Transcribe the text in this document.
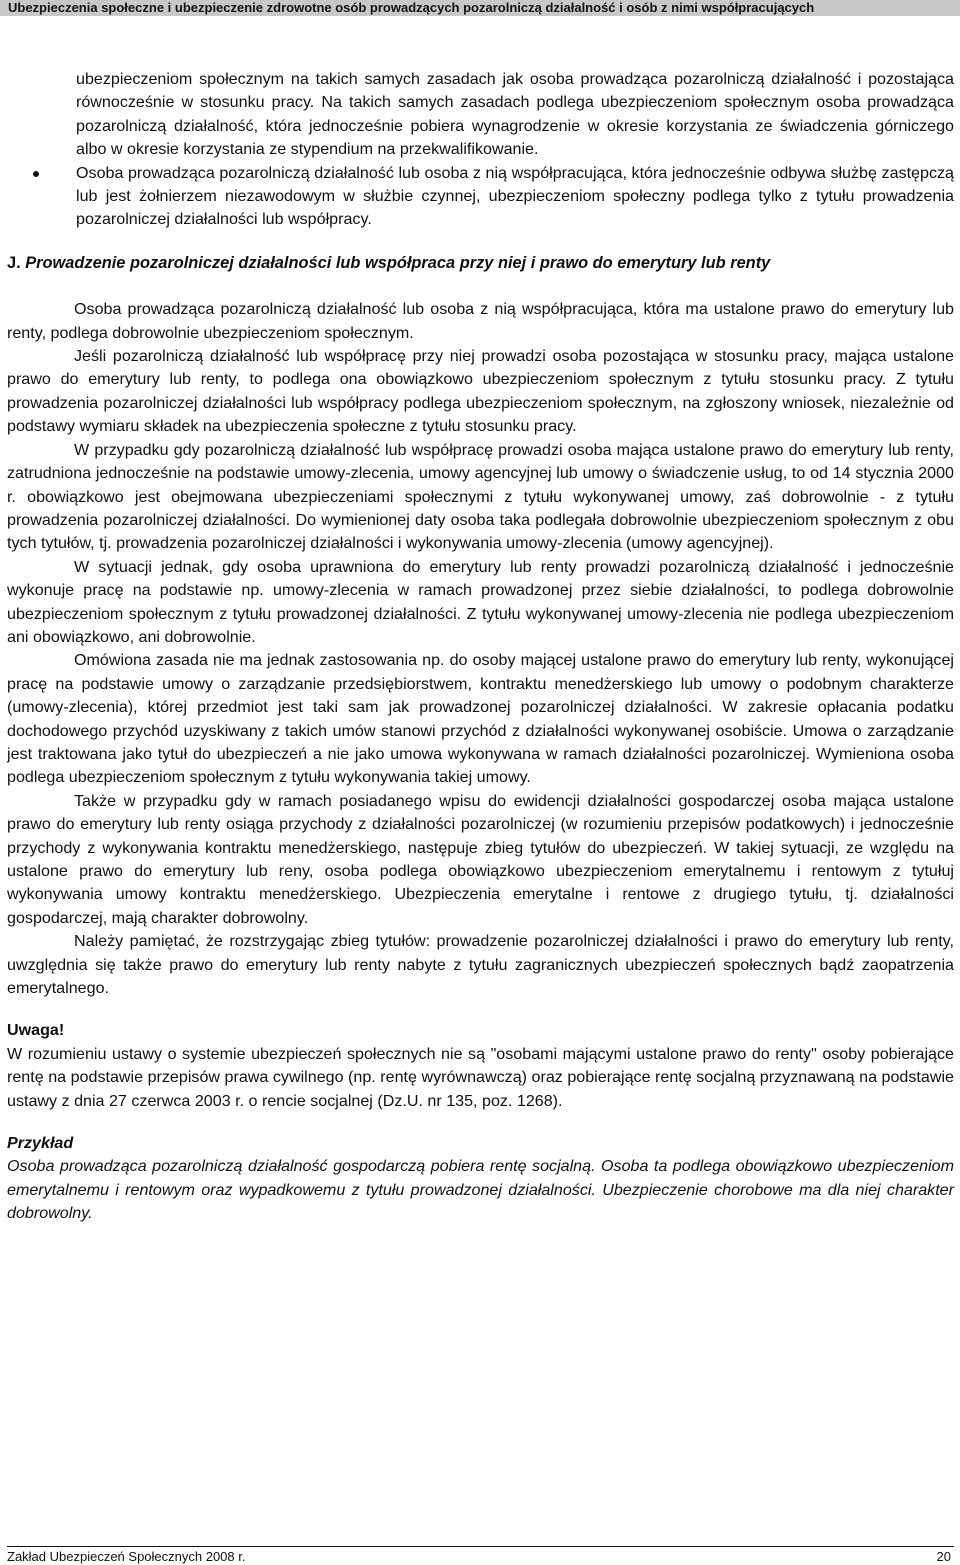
Ubezpieczenia społeczne i ubezpieczenie zdrowotne osób prowadzących pozarolniczą działalność i osób z nimi współpracujących

ubezpieczeniom społecznym na takich samych zasadach jak osoba prowadząca pozarolniczą działalność i pozostająca równocześnie w stosunku pracy. Na takich samych zasadach podlega ubezpieczeniom społecznym osoba prowadząca pozarolniczą działalność, która jednocześnie pobiera wynagrodzenie w okresie korzystania ze świadczenia górniczego albo w okresie korzystania ze stypendium na przekwalifikowanie.

Osoba prowadząca pozarolniczą działalność lub osoba z nią współpracująca, która jednocześnie odbywa służbę zastępczą lub jest żołnierzem niezawodowym w służbie czynnej, ubezpieczeniom społeczny podlega tylko z tytułu prowadzenia pozarolniczej działalności lub współpracy.

J. Prowadzenie pozarolniczej działalności lub współpraca przy niej i prawo do emerytury lub renty

Osoba prowadząca pozarolniczą działalność lub osoba z nią współpracująca, która ma ustalone prawo do emerytury lub renty, podlega dobrowolnie ubezpieczeniom społecznym.

Jeśli pozarolniczą działalność lub współpracę przy niej prowadzi osoba pozostająca w stosunku pracy, mająca ustalone prawo do emerytury lub renty, to podlega ona obowiązkowo ubezpieczeniom społecznym z tytułu stosunku pracy. Z tytułu prowadzenia pozarolniczej działalności lub współpracy podlega ubezpieczeniom społecznym, na zgłoszony wniosek, niezależnie od podstawy wymiaru składek na ubezpieczenia społeczne z tytułu stosunku pracy.

W przypadku gdy pozarolniczą działalność lub współpracę prowadzi osoba mająca ustalone prawo do emerytury lub renty, zatrudniona jednocześnie na podstawie umowy-zlecenia, umowy agencyjnej lub umowy o świadczenie usług, to od 14 stycznia 2000 r. obowiązkowo jest obejmowana ubezpieczeniami społecznymi z tytułu wykonywanej umowy, zaś dobrowolnie - z tytułu prowadzenia pozarolniczej działalności. Do wymienionej daty osoba taka podlegała dobrowolnie ubezpieczeniom społecznym z obu tych tytułów, tj. prowadzenia pozarolniczej działalności i wykonywania umowy-zlecenia (umowy agencyjnej).

W sytuacji jednak, gdy osoba uprawniona do emerytury lub renty prowadzi pozarolniczą działalność i jednocześnie wykonuje pracę na podstawie np. umowy-zlecenia w ramach prowadzonej przez siebie działalności, to podlega dobrowolnie ubezpieczeniom społecznym z tytułu prowadzonej działalności. Z tytułu wykonywanej umowy-zlecenia nie podlega ubezpieczeniom ani obowiązkowo, ani dobrowolnie.

Omówiona zasada nie ma jednak zastosowania np. do osoby mającej ustalone prawo do emerytury lub renty, wykonującej pracę na podstawie umowy o zarządzanie przedsiębiorstwem, kontraktu menedżerskiego lub umowy o podobnym charakterze (umowy-zlecenia), której przedmiot jest taki sam jak prowadzonej pozarolniczej działalności. W zakresie opłacania podatku dochodowego przychód uzyskiwany z takich umów stanowi przychód z działalności wykonywanej osobiście. Umowa o zarządzanie jest traktowana jako tytuł do ubezpieczeń a nie jako umowa wykonywana w ramach działalności pozarolniczej. Wymieniona osoba podlega ubezpieczeniom społecznym z tytułu wykonywania takiej umowy.

Także w przypadku gdy w ramach posiadanego wpisu do ewidencji działalności gospodarczej osoba mająca ustalone prawo do emerytury lub renty osiąga przychody z działalności pozarolniczej (w rozumieniu przepisów podatkowych) i jednocześnie przychody z wykonywania kontraktu menedżerskiego, następuje zbieg tytułów do ubezpieczeń. W takiej sytuacji, ze względu na ustalone prawo do emerytury lub reny, osoba podlega obowiązkowo ubezpieczeniom emerytalnemu i rentowym z tytułuj wykonywania umowy kontraktu menedżerskiego. Ubezpieczenia emerytalne i rentowe z drugiego tytułu, tj. działalności gospodarczej, mają charakter dobrowolny.

Należy pamiętać, że rozstrzygając zbieg tytułów: prowadzenie pozarolniczej działalności i prawo do emerytury lub renty, uwzględnia się także prawo do emerytury lub renty nabyte z tytułu zagranicznych ubezpieczeń społecznych bądź zaopatrzenia emerytalnego.

Uwaga!

W rozumieniu ustawy o systemie ubezpieczeń społecznych nie są "osobami mającymi ustalone prawo do renty" osoby pobierające rentę na podstawie przepisów prawa cywilnego (np. rentę wyrównawczą) oraz pobierające rentę socjalną przyznawaną na podstawie ustawy z dnia 27 czerwca 2003 r. o rencie socjalnej (Dz.U. nr 135, poz. 1268).

Przykład

Osoba prowadząca pozarolniczą działalność gospodarczą pobiera rentę socjalną. Osoba ta podlega obowiązkowo ubezpieczeniom emerytalnemu i rentowym oraz wypadkowemu z tytułu prowadzonej działalności. Ubezpieczenie chorobowe ma dla niej charakter dobrowolny.

Zakład Ubezpieczeń Społecznych 2008 r.	20
